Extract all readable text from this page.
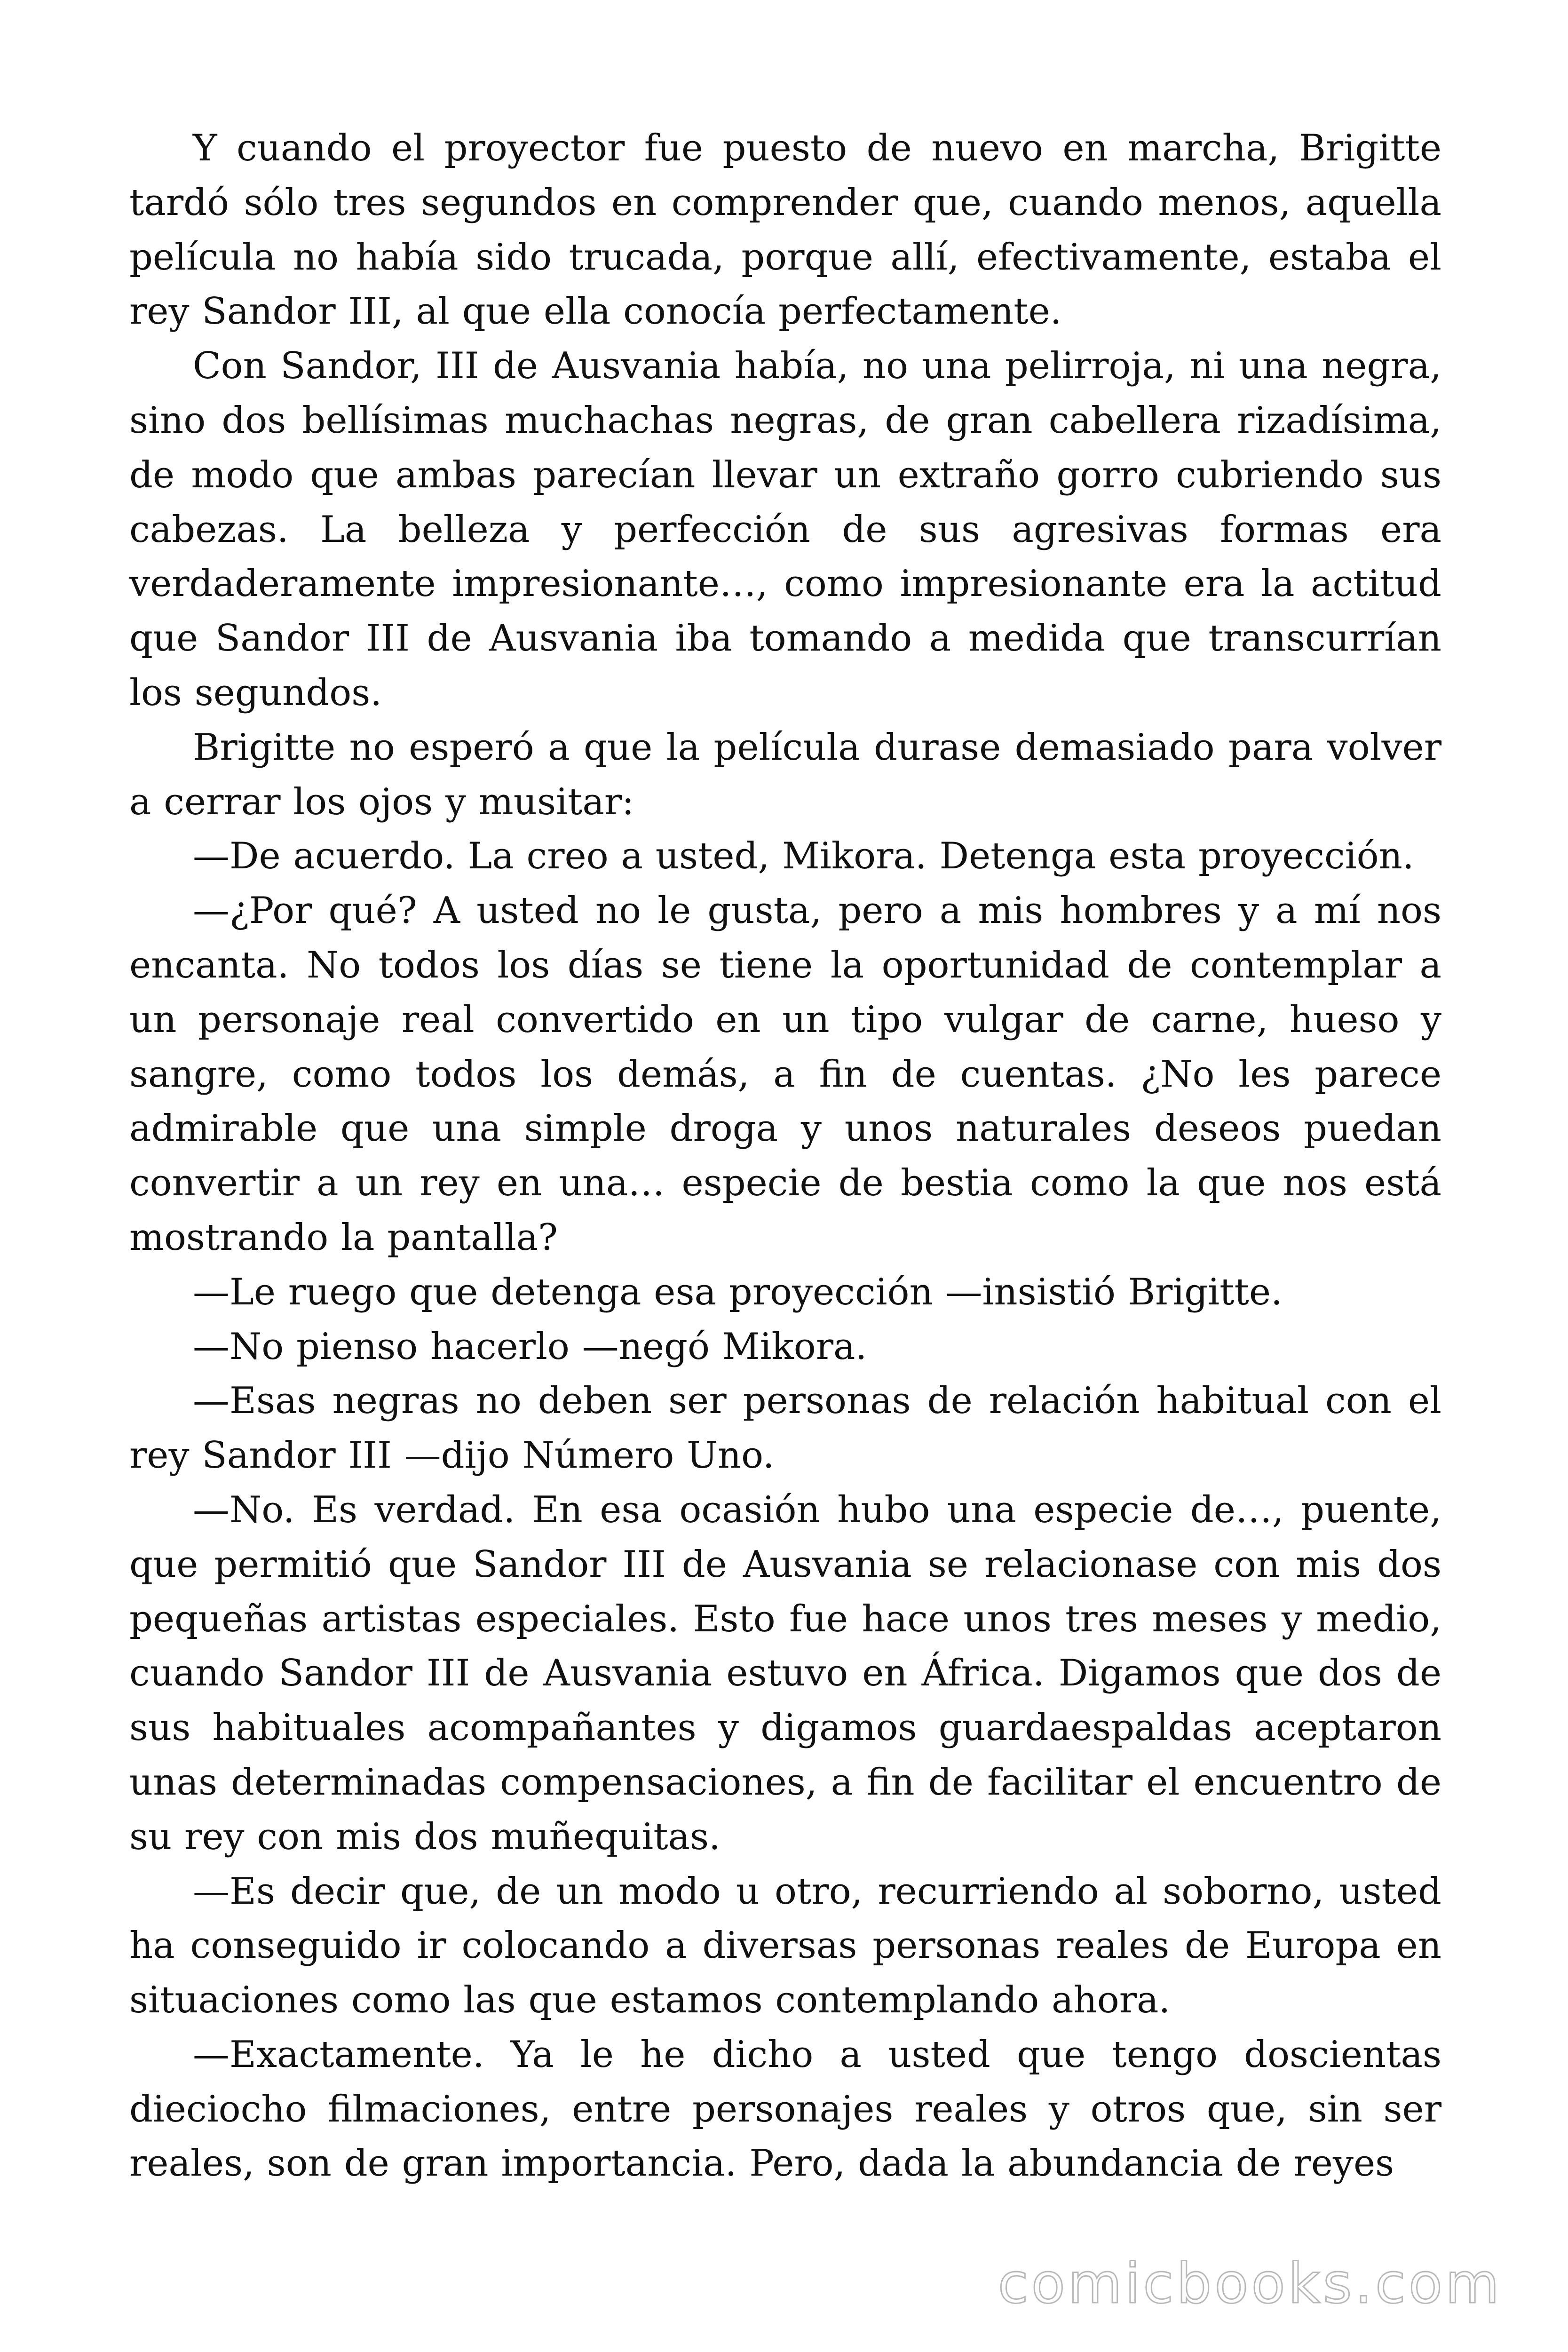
Y cuando el proyector fue puesto de nuevo en marcha, Brigitte tardó sólo tres segundos en comprender que, cuando menos, aquella película no había sido trucada, porque allí, efectivamente, estaba el rey Sandor III, al que ella conocía perfectamente.

Con Sandor, III de Ausvania había, no una pelirroja, ni una negra, sino dos bellísimas muchachas negras, de gran cabellera rizadísima, de modo que ambas parecían llevar un extraño gorro cubriendo sus cabezas. La belleza y perfección de sus agresivas formas era verdaderamente impresionante…, como impresionante era la actitud que Sandor III de Ausvania iba tomando a medida que transcurrían los segundos.

Brigitte no esperó a que la película durase demasiado para volver a cerrar los ojos y musitar:

—De acuerdo. La creo a usted, Mikora. Detenga esta proyección.

—¿Por qué? A usted no le gusta, pero a mis hombres y a mí nos encanta. No todos los días se tiene la oportunidad de contemplar a un personaje real convertido en un tipo vulgar de carne, hueso y sangre, como todos los demás, a fin de cuentas. ¿No les parece admirable que una simple droga y unos naturales deseos puedan convertir a un rey en una… especie de bestia como la que nos está mostrando la pantalla?

—Le ruego que detenga esa proyección —insistió Brigitte.

—No pienso hacerlo —negó Mikora.

—Esas negras no deben ser personas de relación habitual con el rey Sandor III —dijo Número Uno.

—No. Es verdad. En esa ocasión hubo una especie de…, puente, que permitió que Sandor III de Ausvania se relacionase con mis dos pequeñas artistas especiales. Esto fue hace unos tres meses y medio, cuando Sandor III de Ausvania estuvo en África. Digamos que dos de sus habituales acompañantes y digamos guardaespaldas aceptaron unas determinadas compensaciones, a fin de facilitar el encuentro de su rey con mis dos muñequitas.

—Es decir que, de un modo u otro, recurriendo al soborno, usted ha conseguido ir colocando a diversas personas reales de Europa en situaciones como las que estamos contemplando ahora.

—Exactamente. Ya le he dicho a usted que tengo doscientas dieciocho filmaciones, entre personajes reales y otros que, sin ser reales, son de gran importancia. Pero, dada la abundancia de reyes

comicbooks.com
